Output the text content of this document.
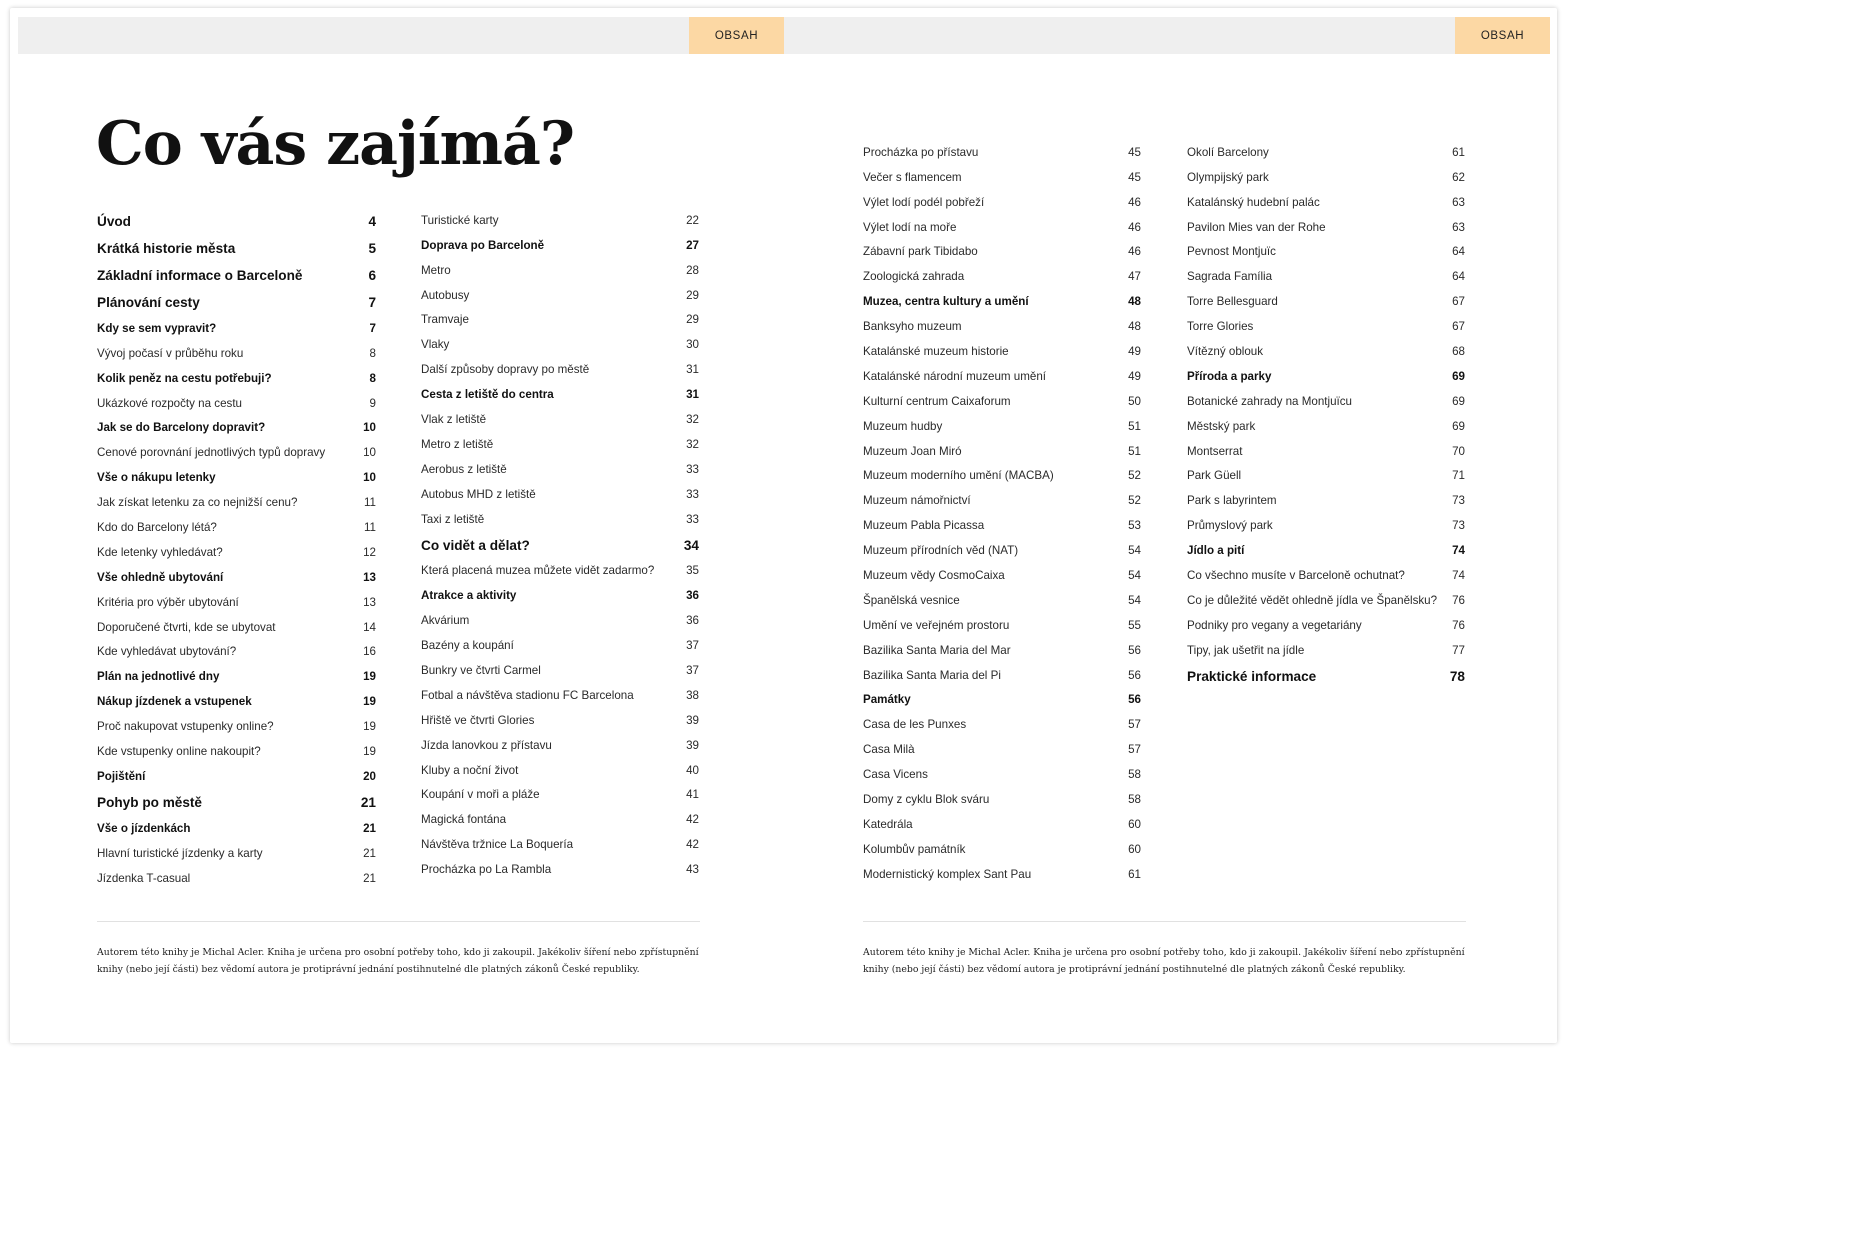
OBSAH	OBSAH
Co vás zajímá?
Úvod	4
Krátká historie města	5
Základní informace o Barceloně	6
Plánování cesty	7
Kdy se sem vypravit?	7
Vývoj počasí v průběhu roku	8
Kolik peněz na cestu potřebuji?	8
Ukázkové rozpočty na cestu	9
Jak se do Barcelony dopravit?	10
Cenové porovnání jednotlivých typů dopravy	10
Vše o nákupu letenky	10
Jak získat letenku za co nejnižší cenu?	11
Kdo do Barcelony létá?	11
Kde letenky vyhledávat?	12
Vše ohledně ubytování	13
Kritéria pro výběr ubytování	13
Doporučené čtvrti, kde se ubytovat	14
Kde vyhledávat ubytování?	16
Plán na jednotlivé dny	19
Nákup jízdenek a vstupenek	19
Proč nakupovat vstupenky online?	19
Kde vstupenky online nakoupit?	19
Pojištění	20
Pohyb po městě	21
Vše o jízdenkách	21
Hlavní turistické jízdenky a karty	21
Jízdenka T-casual	21
Turistické karty	22
Doprava po Barceloně	27
Metro	28
Autobusy	29
Tramvaje	29
Vlaky	30
Další způsoby dopravy po městě	31
Cesta z letiště do centra	31
Vlak z letiště	32
Metro z letiště	32
Aerobus z letiště	33
Autobus MHD z letiště	33
Taxi z letiště	33
Co vidět a dělat?	34
Která placená muzea můžete vidět zadarmo?	35
Atrakce a aktivity	36
Akvárium	36
Bazény a koupání	37
Bunkry ve čtvrti Carmel	37
Fotbal a návštěva stadionu FC Barcelona	38
Hřiště ve čtvrti Glories	39
Jízda lanovkou z přístavu	39
Kluby a noční život	40
Koupání v moři a pláže	41
Magická fontána	42
Návštěva tržnice La Boquería	42
Procházka po La Rambla	43
Procházka po přístavu	45
Večer s flamencem	45
Výlet lodí podél pobřeží	46
Výlet lodí na moře	46
Zábavní park Tibidabo	46
Zoologická zahrada	47
Muzea, centra kultury a umění	48
Banksyho muzeum	48
Katalánské muzeum historie	49
Katalánské národní muzeum umění	49
Kulturní centrum Caixaforum	50
Muzeum hudby	51
Muzeum Joan Miró	51
Muzeum moderního umění (MACBA)	52
Muzeum námořnictví	52
Muzeum Pabla Picassa	53
Muzeum přírodních věd (NAT)	54
Muzeum vědy CosmoCaixa	54
Španělská vesnice	54
Umění ve veřejném prostoru	55
Bazilika Santa Maria del Mar	56
Bazilika Santa Maria del Pi	56
Památky	56
Casa de les Punxes	57
Casa Milà	57
Casa Vicens	58
Domy z cyklu Blok sváru	58
Katedrála	60
Kolumbův památník	60
Modernistický komplex Sant Pau	61
Okolí Barcelony	61
Olympijský park	62
Katalánský hudební palác	63
Pavilon Mies van der Rohe	63
Pevnost Montjuïc	64
Sagrada Família	64
Torre Bellesguard	67
Torre Glories	67
Vítězný oblouk	68
Příroda a parky	69
Botanické zahrady na Montjuïcu	69
Městský park	69
Montserrat	70
Park Güell	71
Park s labyrintem	73
Průmyslový park	73
Jídlo a pití	74
Co všechno musíte v Barceloně ochutnat?	74
Co je důležité vědět ohledně jídla ve Španělsku? 76
Podniky pro vegany a vegetariány	76
Tipy, jak ušetřit na jídle	77
Praktické informace	78

Autorem této knihy je Michal Acler. Kniha je určena pro osobní potřeby toho, kdo ji zakoupil. Jakékoliv šíření nebo zpřístupnění
knihy (nebo její části) bez vědomí autora je protiprávní jednání postihnutelné dle platných zákonů České republiky.

Autorem této knihy je Michal Acler. Kniha je určena pro osobní potřeby toho, kdo ji zakoupil. Jakékoliv šíření nebo zpřístupnění
knihy (nebo její části) bez vědomí autora je protiprávní jednání postihnutelné dle platných zákonů České republiky.
